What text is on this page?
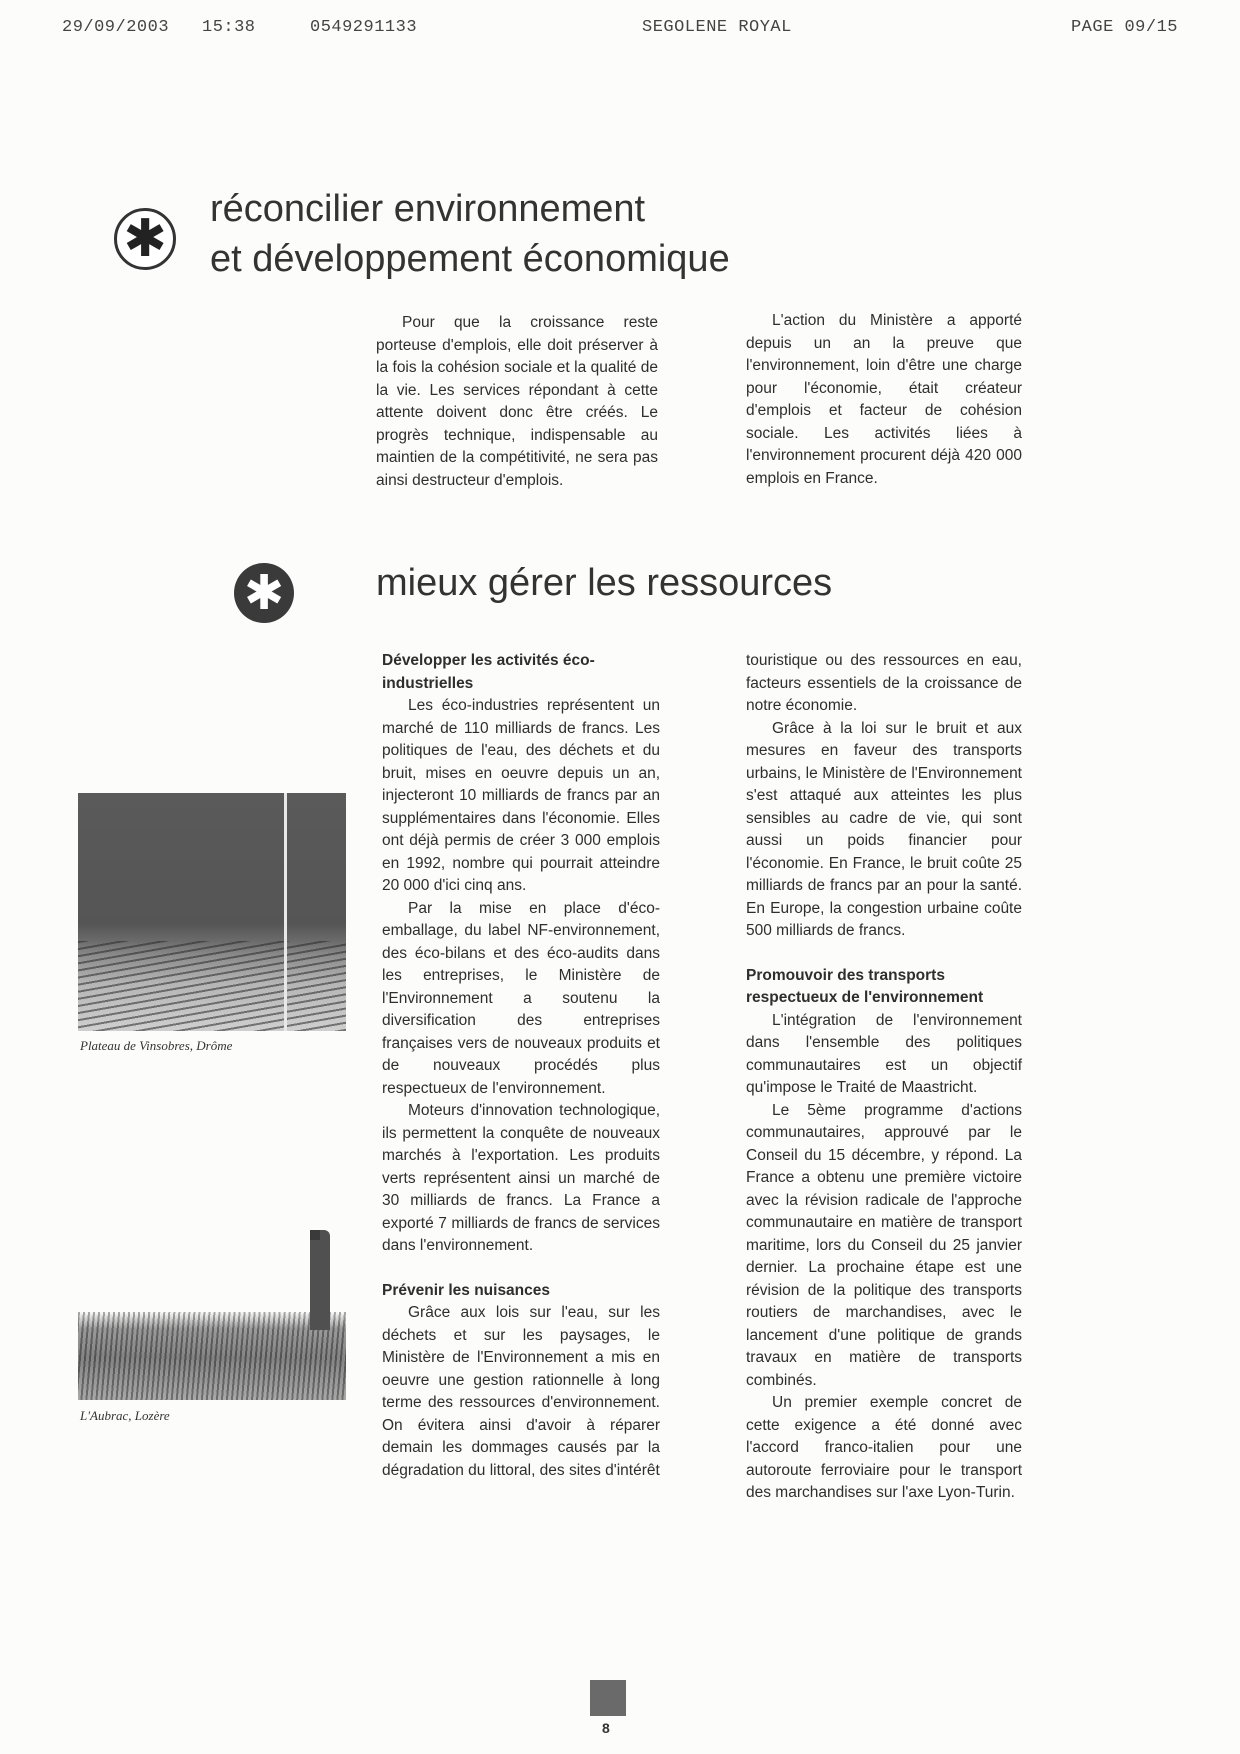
29/09/2003 15:38	0549291133	SEGOLENE ROYAL	PAGE 09/15
✱ réconcilier environnement
et développement économique

Pour que la croissance reste porteuse d'emplois, elle doit préserver à la fois la cohésion sociale et la qualité de la vie. Les services répondant à cette attente doivent donc être créés. Le progrès technique, indispensable au maintien de la compétitivité, ne sera pas ainsi destructeur d'emplois.

L'action du Ministère a apporté depuis un an la preuve que l'environnement, loin d'être une charge pour l'économie, était créateur d'emplois et facteur de cohésion sociale. Les activités liées à l'environnement procurent déjà 420 000 emplois en France.

✱ mieux gérer les ressources
Plateau de Vinsobres, Drôme
L'Aubrac, Lozère
Développer les activités éco-industrielles

Les éco-industries représentent un marché de 110 milliards de francs. Les politiques de l'eau, des déchets et du bruit, mises en oeuvre depuis un an, injecteront 10 milliards de francs par an supplémentaires dans l'économie. Elles ont déjà permis de créer 3 000 emplois en 1992, nombre qui pourrait atteindre 20 000 d'ici cinq ans.

Par la mise en place d'éco-emballage, du label NF-environnement, des éco-bilans et des éco-audits dans les entreprises, le Ministère de l'Environnement a soutenu la diversification des entreprises françaises vers de nouveaux produits et de nouveaux procédés plus respectueux de l'environnement.

Moteurs d'innovation technologique, ils permettent la conquête de nouveaux marchés à l'exportation. Les produits verts représentent ainsi un marché de 30 milliards de francs. La France a exporté 7 milliards de francs de services dans l'environnement.

Prévenir les nuisances

Grâce aux lois sur l'eau, sur les déchets et sur les paysages, le Ministère de l'Environnement a mis en oeuvre une gestion rationnelle à long terme des ressources d'environnement. On évitera ainsi d'avoir à réparer demain les dommages causés par la dégradation du littoral, des sites d'intérêt

touristique ou des ressources en eau, facteurs essentiels de la croissance de notre économie.

Grâce à la loi sur le bruit et aux mesures en faveur des transports urbains, le Ministère de l'Environnement s'est attaqué aux atteintes les plus sensibles au cadre de vie, qui sont aussi un poids financier pour l'économie. En France, le bruit coûte 25 milliards de francs par an pour la santé. En Europe, la congestion urbaine coûte 500 milliards de francs.

Promouvoir des transports respectueux de l'environnement

L'intégration de l'environnement dans l'ensemble des politiques communautaires est un objectif qu'impose le Traité de Maastricht.

Le 5ème programme d'actions communautaires, approuvé par le Conseil du 15 décembre, y répond. La France a obtenu une première victoire avec la révision radicale de l'approche communautaire en matière de transport maritime, lors du Conseil du 25 janvier dernier. La prochaine étape est une révision de la politique des transports routiers de marchandises, avec le lancement d'une politique de grands travaux en matière de transports combinés.

Un premier exemple concret de cette exigence a été donné avec l'accord franco-italien pour une autoroute ferroviaire pour le transport des marchandises sur l'axe Lyon-Turin.

8
